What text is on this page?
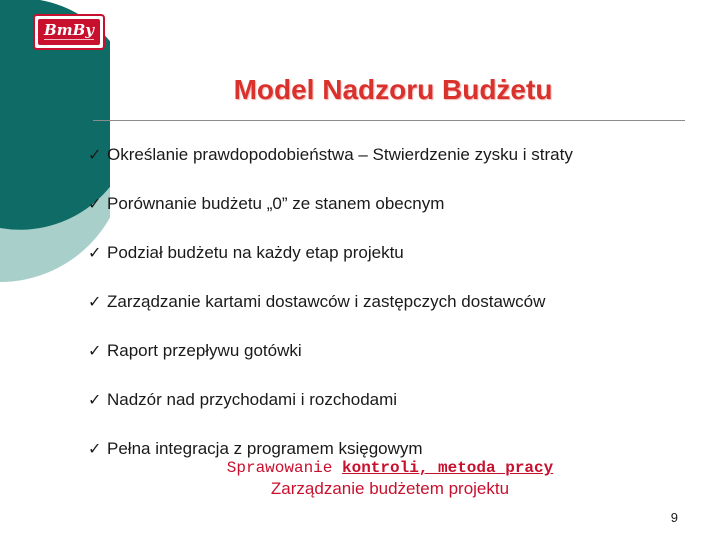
BmBy
Model Nadzoru Budżetu
✓ Określanie prawdopodobieństwa – Stwierdzenie zysku i straty
✓ Porównanie budżetu „0” ze stanem obecnym
✓ Podział budżetu na każdy etap projektu
✓ Zarządzanie kartami dostawców i zastępczych dostawców
✓ Raport przepływu gotówki
✓ Nadzór nad przychodami i rozchodami
✓ Pełna integracja z programem księgowym
Sprawowanie kontroli, metoda pracy
Zarządzanie budżetem projektu
9
